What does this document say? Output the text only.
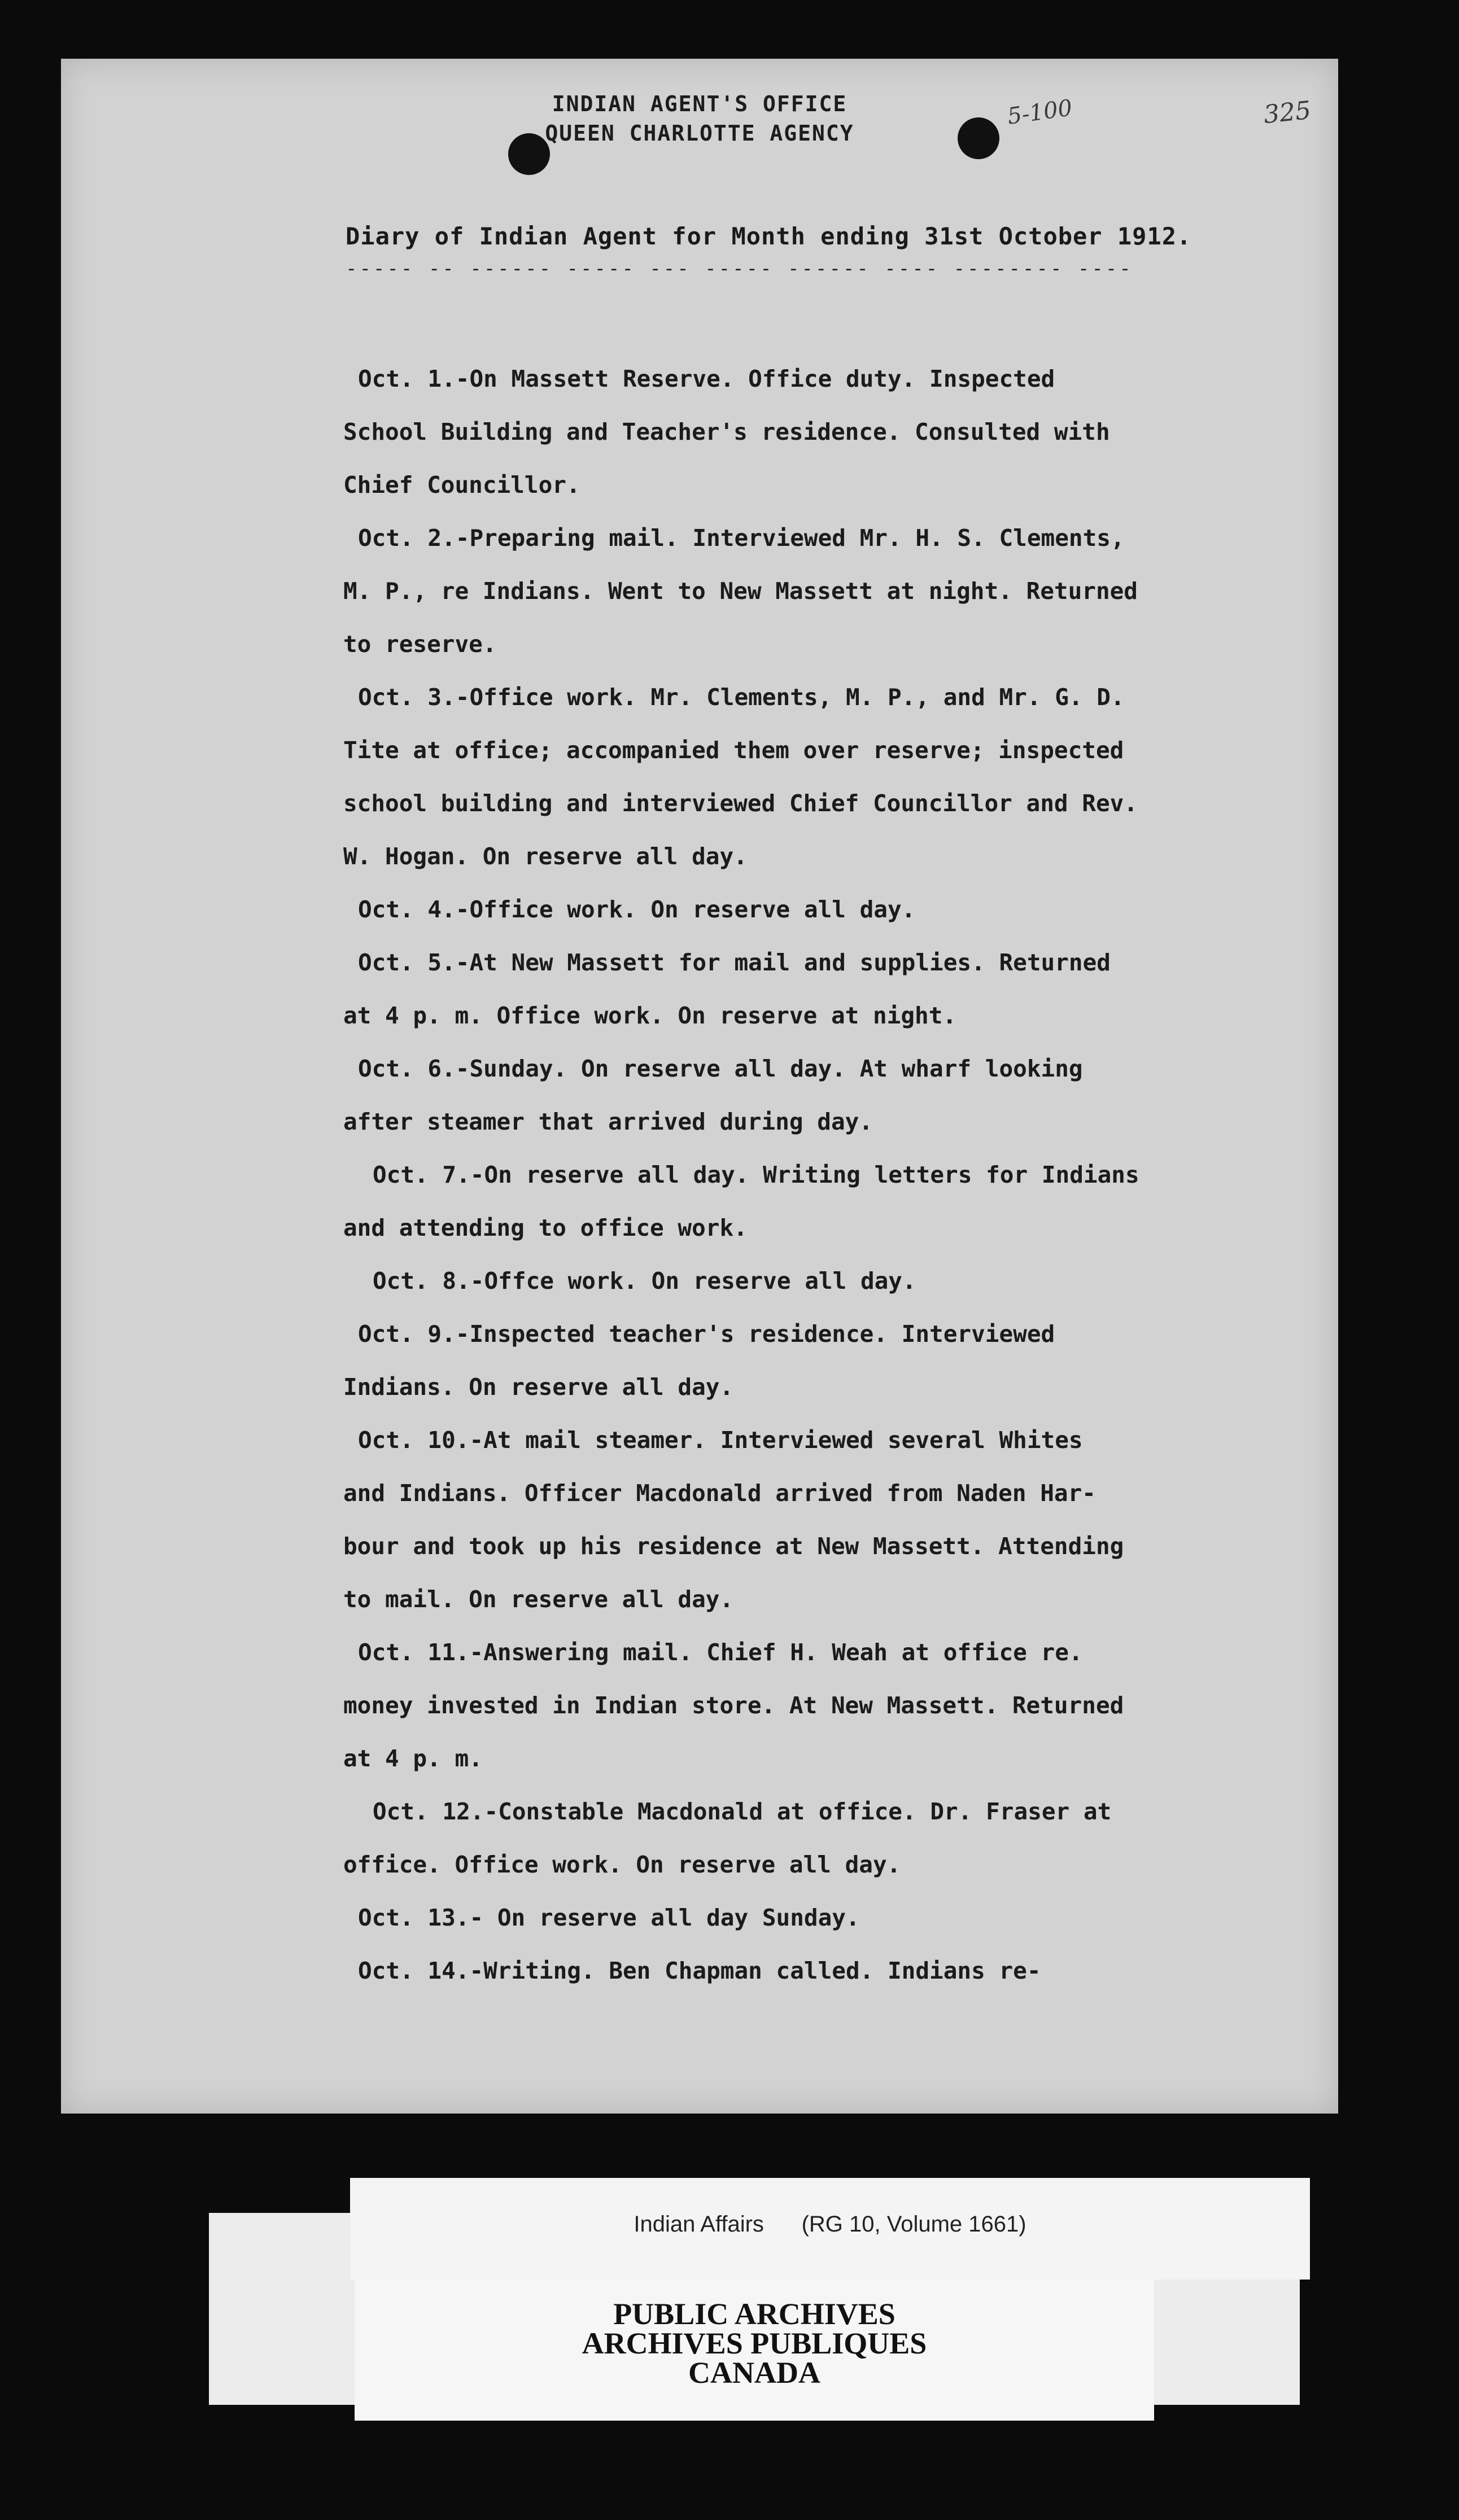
5-100	325
INDIAN AGENT'S OFFICE
QUEEN CHARLOTTE AGENCY
Diary of Indian Agent for Month ending 31st October 1912.
----- -- ------ ----- --- ----- ------ ---- -------- ----
Oct. 1.-On Massett Reserve. Office duty. Inspected
School Building and Teacher's residence. Consulted with
Chief Councillor.
Oct. 2.-Preparing mail. Interviewed Mr. H. S. Clements,
M. P., re Indians. Went to New Massett at night. Returned
to reserve.
Oct. 3.-Office work. Mr. Clements, M. P., and Mr. G. D.
Tite at office; accompanied them over reserve; inspected
school building and interviewed Chief Councillor and Rev.
W. Hogan. On reserve all day.
Oct. 4.-Office work. On reserve all day.
Oct. 5.-At New Massett for mail and supplies. Returned
at 4 p. m. Office work. On reserve at night.
Oct. 6.-Sunday. On reserve all day. At wharf looking
after steamer that arrived during day.
Oct. 7.-On reserve all day. Writing letters for Indians
and attending to office work.
Oct. 8.-Offce work. On reserve all day.
Oct. 9.-Inspected teacher's residence. Interviewed
Indians. On reserve all day.
Oct. 10.-At mail steamer. Interviewed several Whites
and Indians. Officer Macdonald arrived from Naden Har-
bour and took up his residence at New Massett. Attending
to mail. On reserve all day.
Oct. 11.-Answering mail. Chief H. Weah at office re.
money invested in Indian store. At New Massett. Returned
at 4 p. m.
Oct. 12.-Constable Macdonald at office. Dr. Fraser at
office. Office work. On reserve all day.
Oct. 13.- On reserve all day Sunday.
Oct. 14.-Writing. Ben Chapman called. Indians re-
Indian Affairs      (RG 10, Volume 1661)
PUBLIC ARCHIVES
ARCHIVES PUBLIQUES
CANADA
